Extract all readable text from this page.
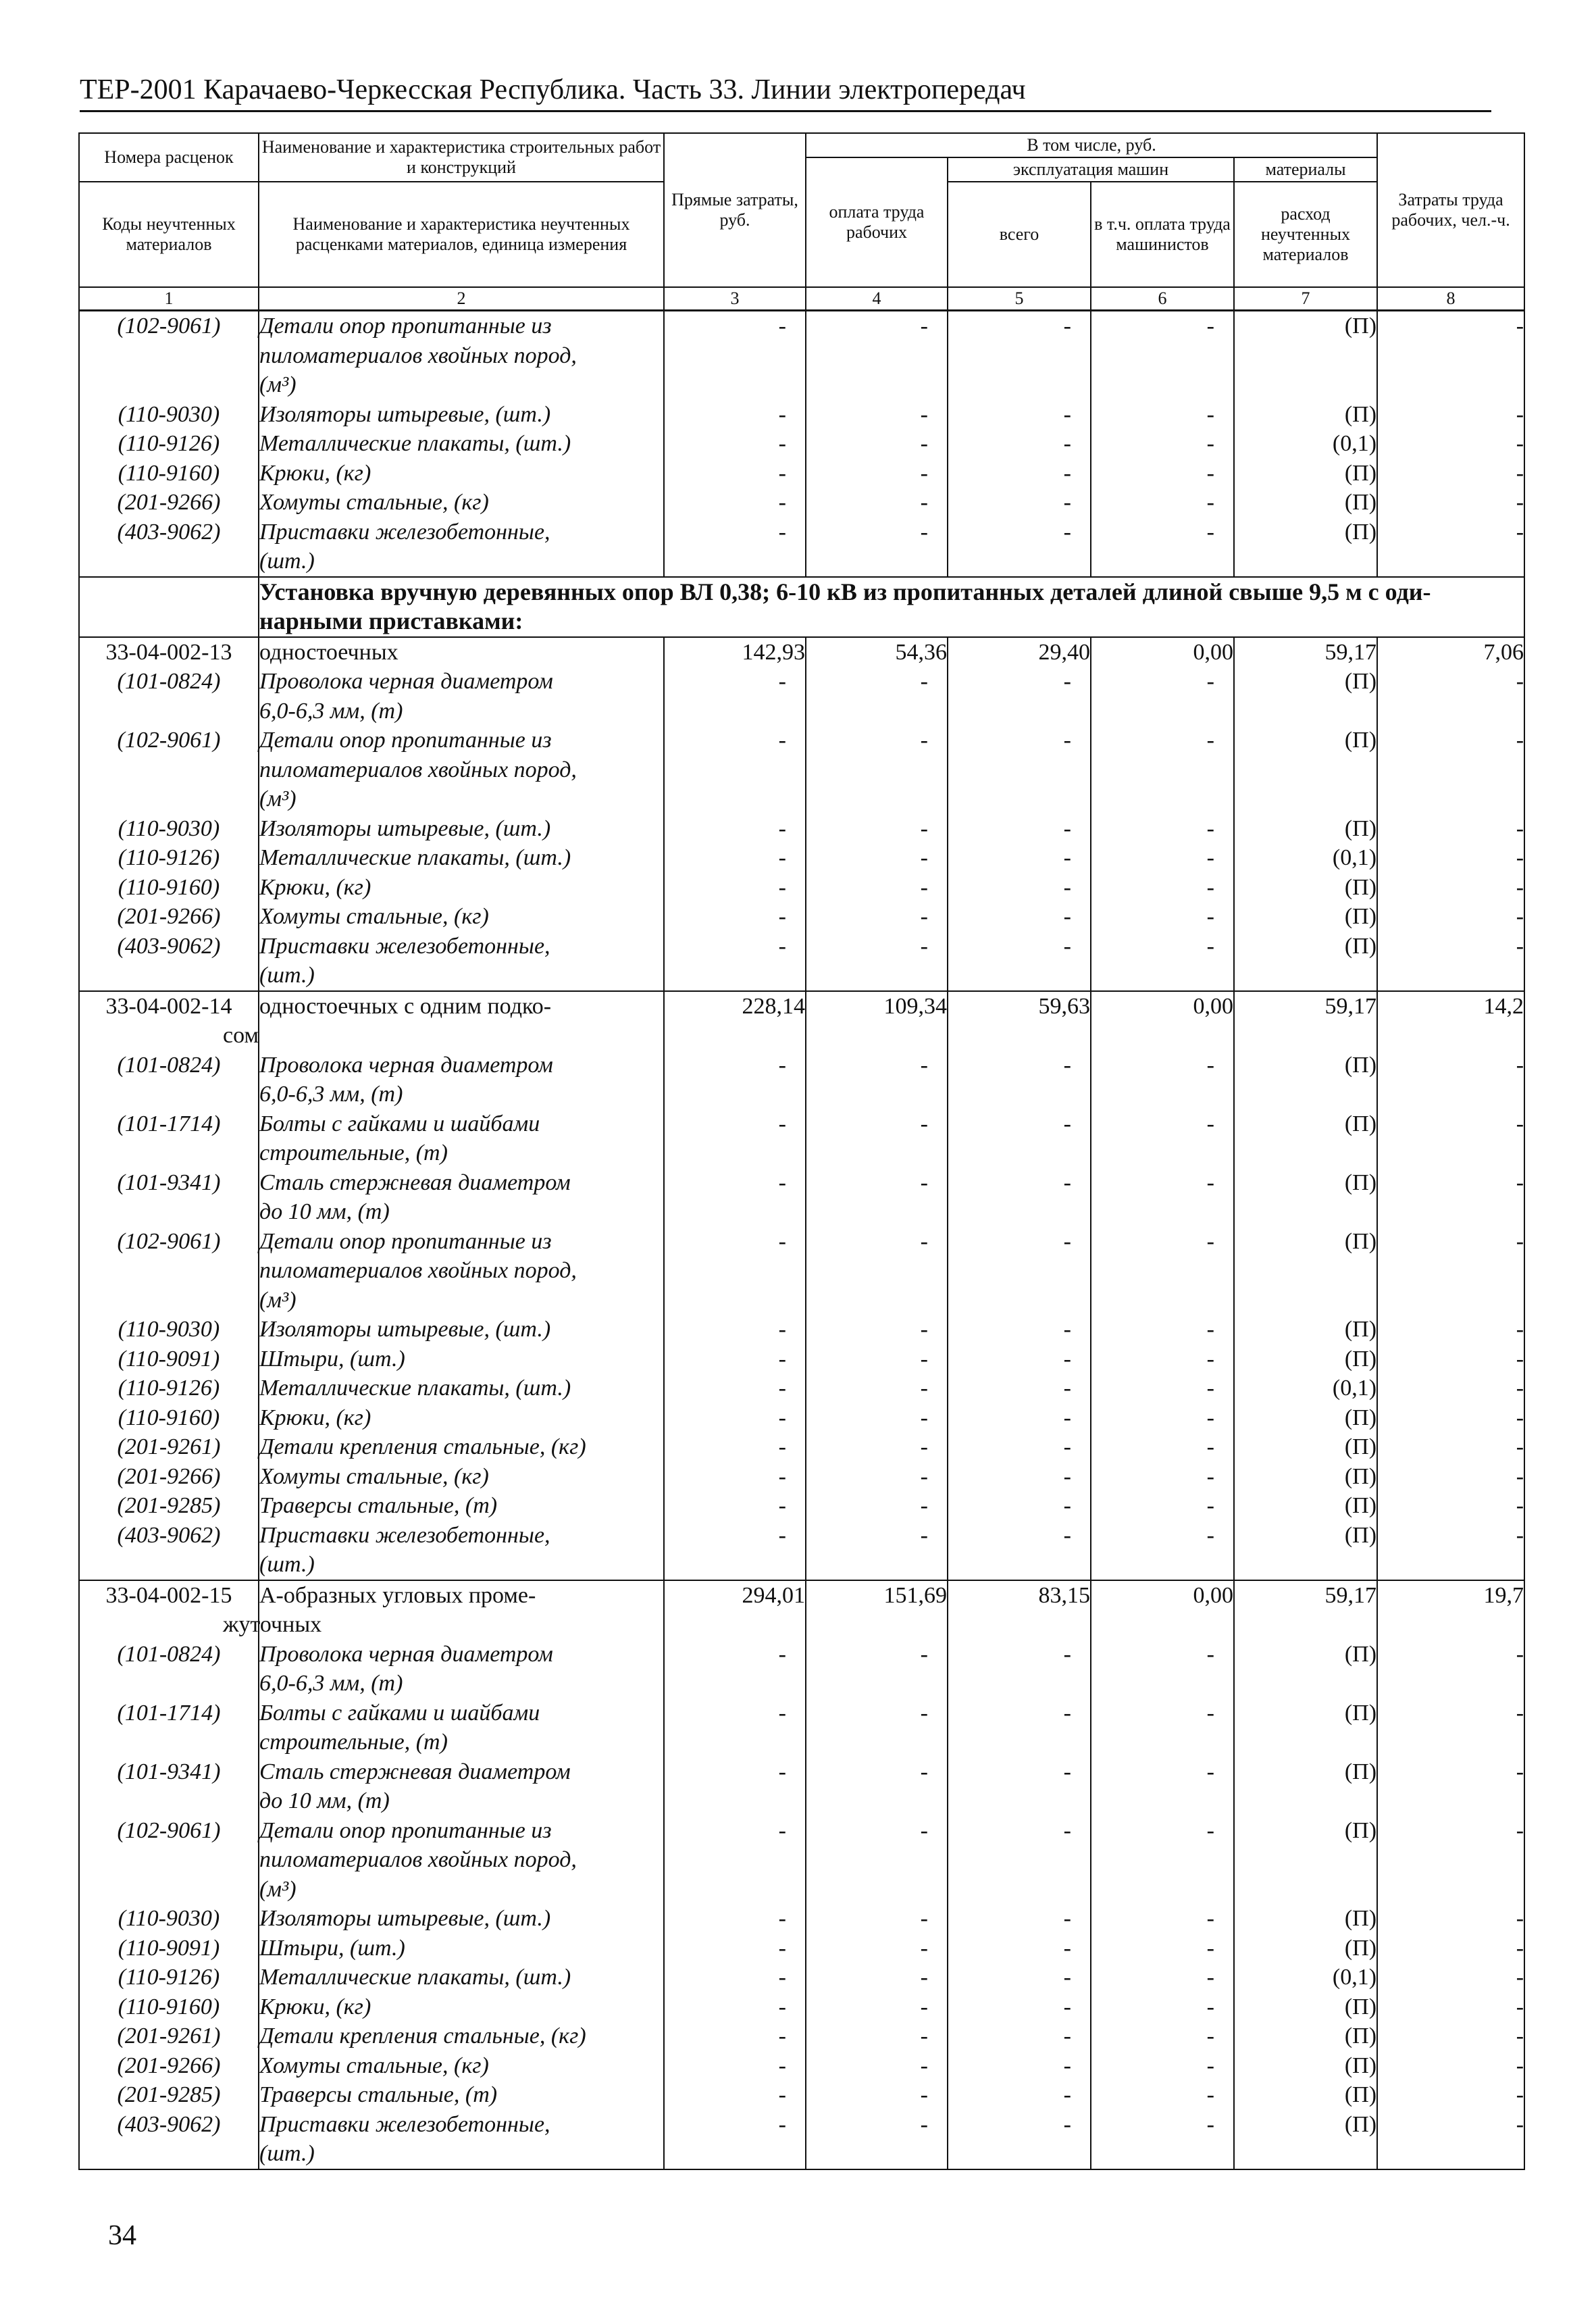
ТЕР-2001 Карачаево-Черкесская Республика. Часть 33. Линии электропередач
Номера расценок	Наименование и характеристика строительных работ и конструкций	Прямые затраты, руб.	В том числе, руб.				Затраты труда рабочих, чел.-ч.
			оплата труда рабочих	эксплуатация машин		материалы	
Коды неучтенных материалов	Наименование и характеристика неучтенных расценками материалов, единица измерения			всего	в т.ч. оплата труда машинистов	расход неучтенных материалов	

1	2	3	4	5	6	7	8
(102-9061)	Детали опор пропитанные из
пиломатериалов хвойных пород,
(м³)	-	-	-	-	(П)	-
(110-9030)	Изоляторы штыревые, (шт.)	-	-	-	-	(П)	-
(110-9126)	Металлические плакаты, (шт.)	-	-	-	-	(0,1)	-
(110-9160)	Крюки, (кг)	-	-	-	-	(П)	-
(201-9266)	Хомуты стальные, (кг)	-	-	-	-	(П)	-
(403-9062)	Приставки железобетонные,
(шт.)	-	-	-	-	(П)	-

	Установка вручную деревянных опор ВЛ 0,38; 6-10 кВ из пропитанных деталей длиной свыше 9,5 м с оди-
нарными приставками:						

33-04-002-13	одностоечных	142,93	54,36	29,40	0,00	59,17	7,06
(101-0824)	Проволока черная диаметром
6,0-6,3 мм, (т)	-	-	-	-	(П)	-
(102-9061)	Детали опор пропитанные из
пиломатериалов хвойных пород,
(м³)	-	-	-	-	(П)	-
(110-9030)	Изоляторы штыревые, (шт.)	-	-	-	-	(П)	-
(110-9126)	Металлические плакаты, (шт.)	-	-	-	-	(0,1)	-
(110-9160)	Крюки, (кг)	-	-	-	-	(П)	-
(201-9266)	Хомуты стальные, (кг)	-	-	-	-	(П)	-
(403-9062)	Приставки железобетонные,
(шт.)	-	-	-	-	(П)	-
33-04-002-14	одностоечных с одним подко-
сом	228,14	109,34	59,63	0,00	59,17	14,2
(101-0824)	Проволока черная диаметром
6,0-6,3 мм, (т)	-	-	-	-	(П)	-
(101-1714)	Болты с гайками и шайбами
строительные, (т)	-	-	-	-	(П)	-
(101-9341)	Сталь стержневая диаметром
до 10 мм, (т)	-	-	-	-	(П)	-
(102-9061)	Детали опор пропитанные из
пиломатериалов хвойных пород,
(м³)	-	-	-	-	(П)	-
(110-9030)	Изоляторы штыревые, (шт.)	-	-	-	-	(П)	-
(110-9091)	Штыри, (шт.)	-	-	-	-	(П)	-
(110-9126)	Металлические плакаты, (шт.)	-	-	-	-	(0,1)	-
(110-9160)	Крюки, (кг)	-	-	-	-	(П)	-
(201-9261)	Детали крепления стальные, (кг)	-	-	-	-	(П)	-
(201-9266)	Хомуты стальные, (кг)	-	-	-	-	(П)	-
(201-9285)	Траверсы стальные, (т)	-	-	-	-	(П)	-
(403-9062)	Приставки железобетонные,
(шт.)	-	-	-	-	(П)	-
33-04-002-15	А-образных угловых проме-
жуточных	294,01	151,69	83,15	0,00	59,17	19,7
(101-0824)	Проволока черная диаметром
6,0-6,3 мм, (т)	-	-	-	-	(П)	-
(101-1714)	Болты с гайками и шайбами
строительные, (т)	-	-	-	-	(П)	-
(101-9341)	Сталь стержневая диаметром
до 10 мм, (т)	-	-	-	-	(П)	-
(102-9061)	Детали опор пропитанные из
пиломатериалов хвойных пород,
(м³)	-	-	-	-	(П)	-
(110-9030)	Изоляторы штыревые, (шт.)	-	-	-	-	(П)	-
(110-9091)	Штыри, (шт.)	-	-	-	-	(П)	-
(110-9126)	Металлические плакаты, (шт.)	-	-	-	-	(0,1)	-
(110-9160)	Крюки, (кг)	-	-	-	-	(П)	-
(201-9261)	Детали крепления стальные, (кг)	-	-	-	-	(П)	-
(201-9266)	Хомуты стальные, (кг)	-	-	-	-	(П)	-
(201-9285)	Траверсы стальные, (т)	-	-	-	-	(П)	-
(403-9062)	Приставки железобетонные,
(шт.)	-	-	-	-	(П)	-
34
